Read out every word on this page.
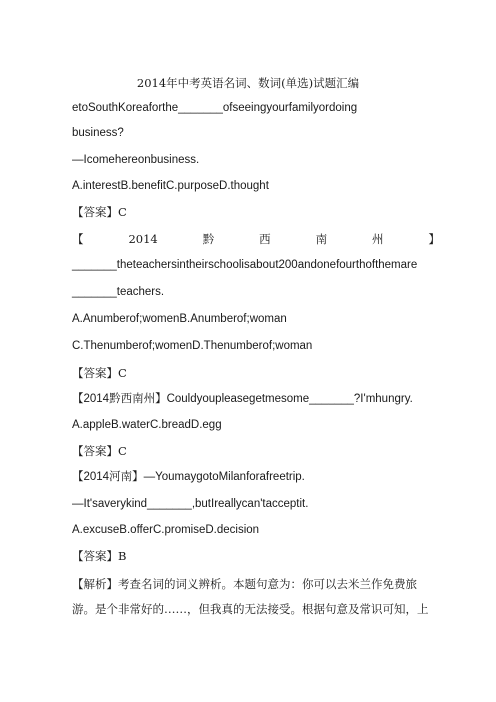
2014年中考英语名词、数词(单选)试题汇编
etoSouthKoreaforthe_______ofseeingyourfamilyordoing
business?
—Icomehereonbusiness.
A.interestB.benefitC.purposeD.thought
【答案】C
【	2014	黔	西	南	州	】
_______theteachersintheirschoolisabout200andonefourthofthemare
_______teachers.
A.Anumberof;womenB.Anumberof;woman
C.Thenumberof;womenD.Thenumberof;woman
【答案】C
【2014黔西南州】Couldyoupleasegetmesome_______?I'mhungry.
A.appleB.waterC.breadD.egg
【答案】C
【2014河南】—YoumaygotoMilanforafreetrip.
—It'saverykind_______,butIreallycan'tacceptit.
A.excuseB.offerC.promiseD.decision
【答案】B
【解析】考查名词的词义辨析。本题句意为：你可以去米兰作免费旅
游。是个非常好的……，但我真的无法接受。根据句意及常识可知，上
